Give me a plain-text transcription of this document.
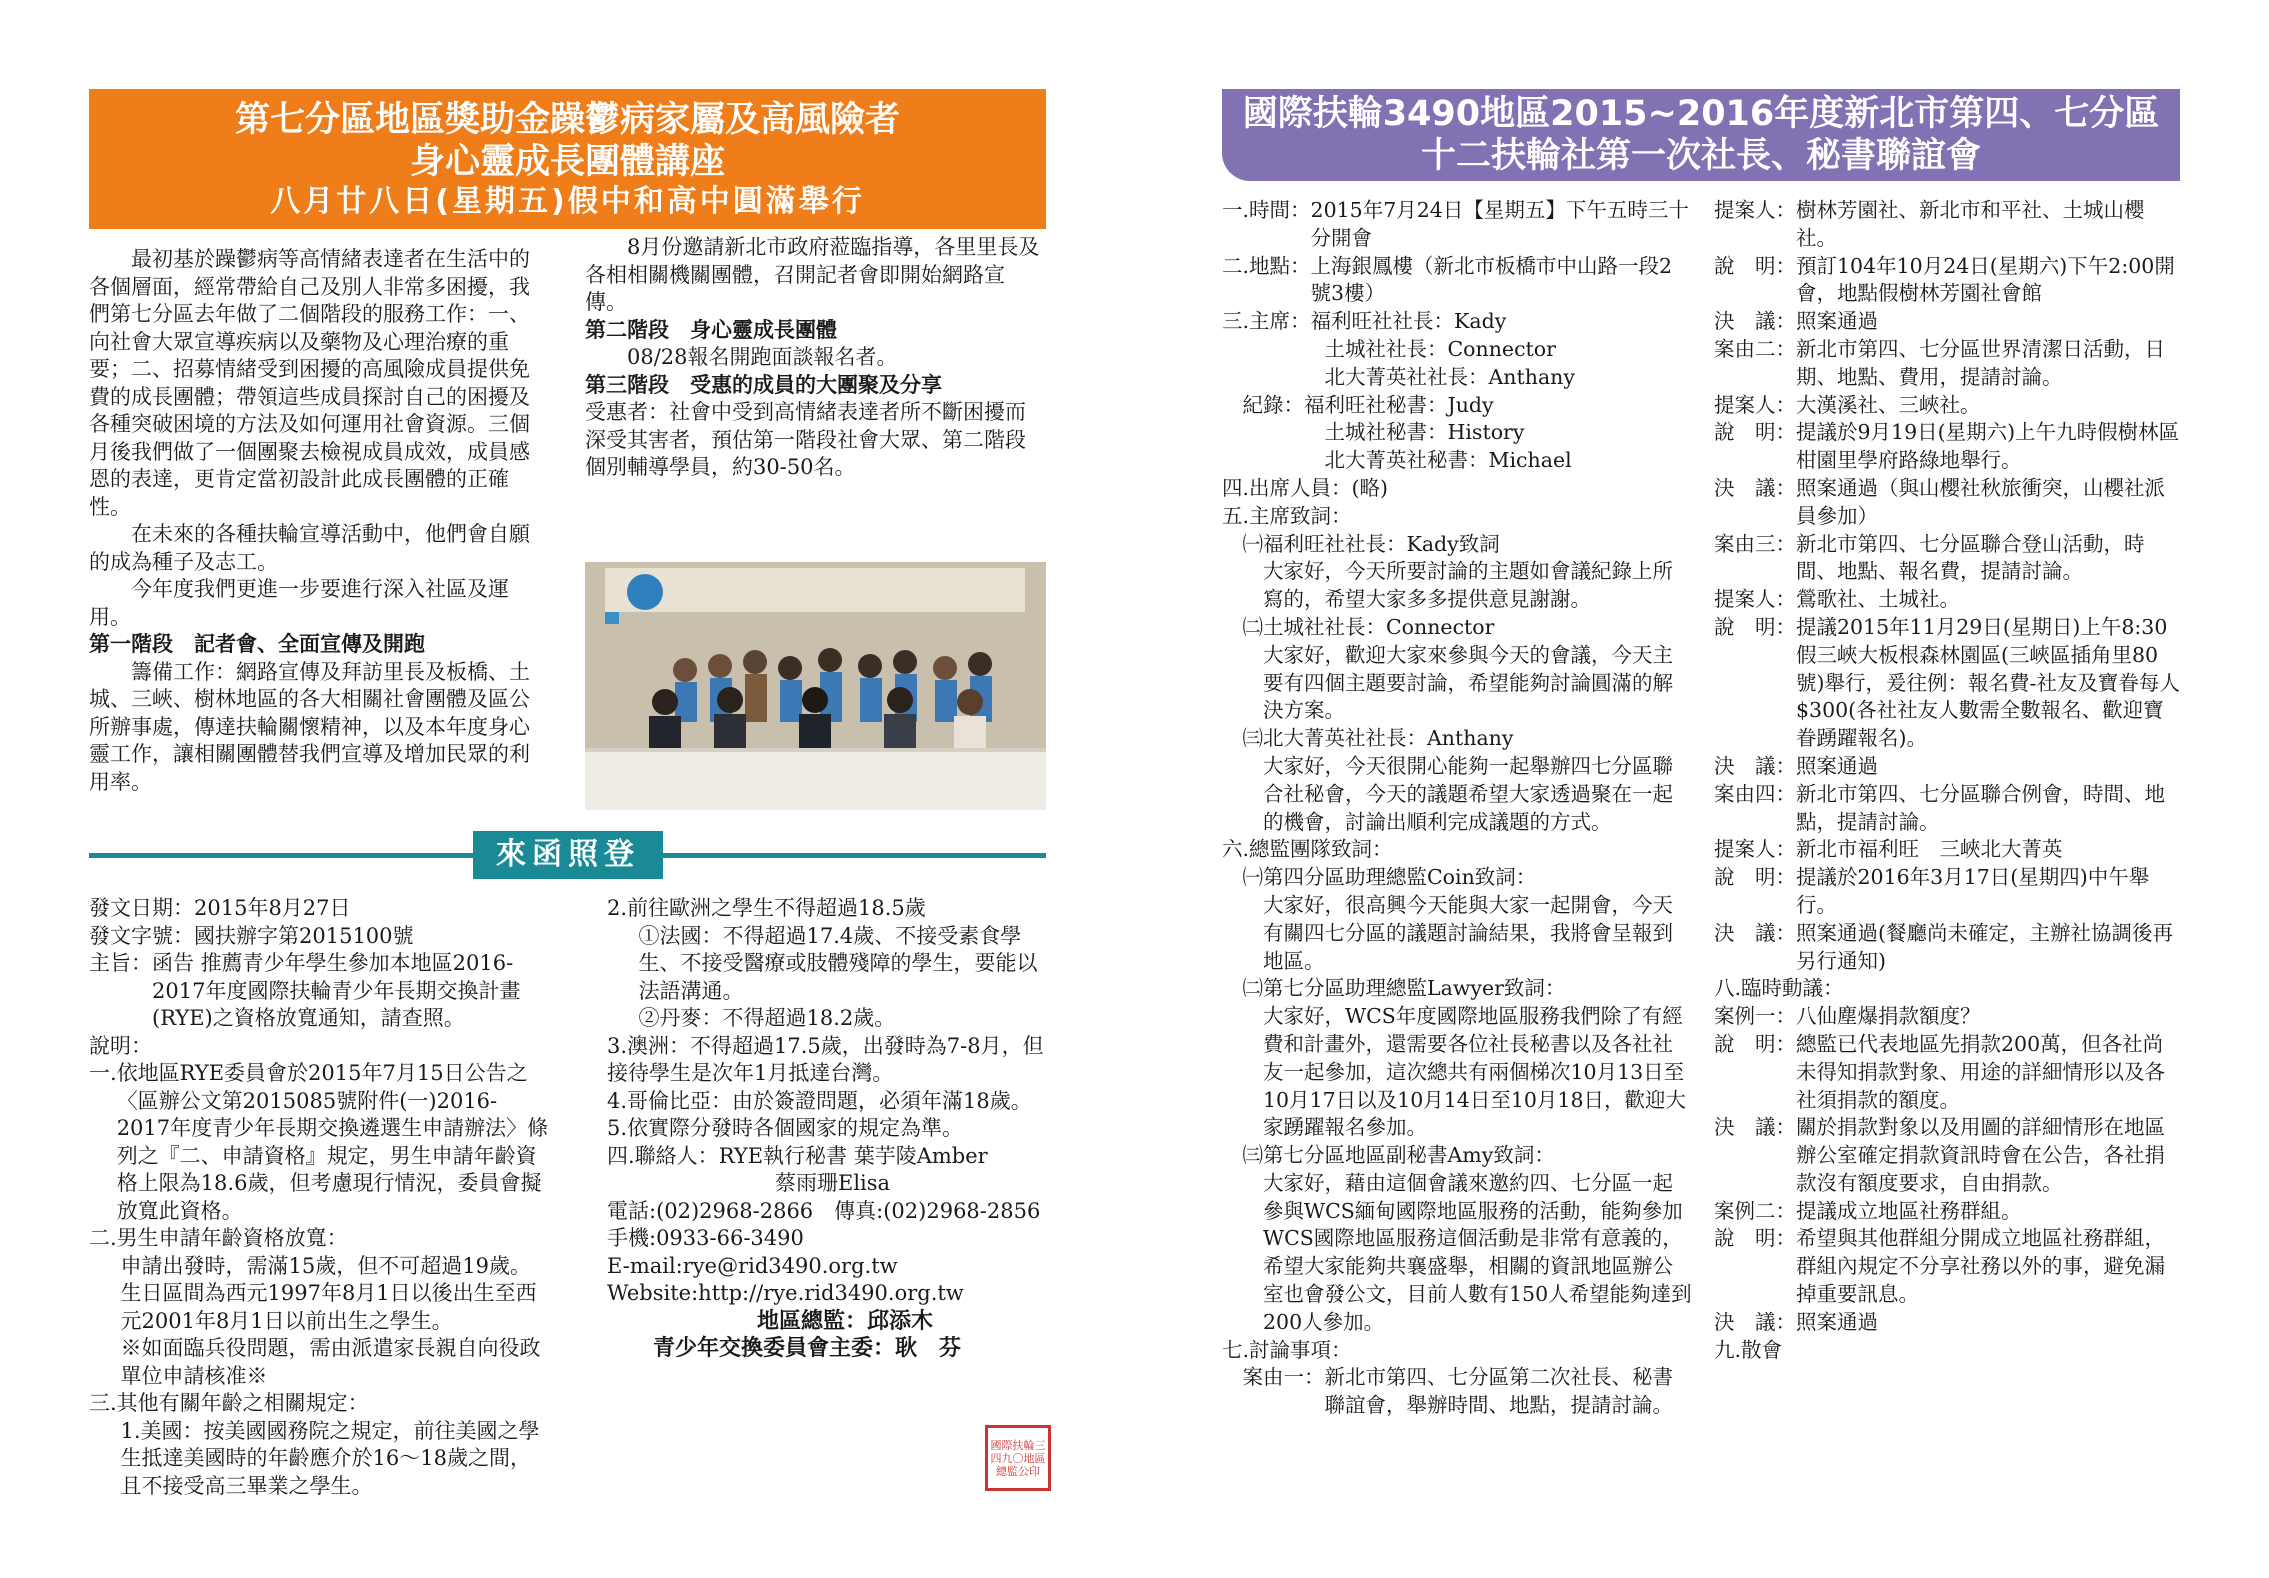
第七分區地區獎助金躁鬱病家屬及高風險者
身心靈成長團體講座
八月廿八日(星期五)假中和高中圓滿舉行
國際扶輪3490地區2015~2016年度新北市第四、七分區
十二扶輪社第一次社長、秘書聯誼會

最初基於躁鬱病等高情緒表達者在生活中的各個層面，經常帶給自己及別人非常多困擾，我們第七分區去年做了二個階段的服務工作：一、向社會大眾宣導疾病以及藥物及心理治療的重要；二、招募情緒受到困擾的高風險成員提供免費的成長團體；帶領這些成員探討自己的困擾及各種突破困境的方法及如何運用社會資源。三個月後我們做了一個團聚去檢視成員成效，成員感恩的表達，更肯定當初設計此成長團體的正確性。

在未來的各種扶輪宣導活動中，他們會自願的成為種子及志工。

今年度我們更進一步要進行深入社區及運用。

第一階段　記者會、全面宣傳及開跑

籌備工作：網路宣傳及拜訪里長及板橋、土城、三峽、樹林地區的各大相關社會團體及區公所辦事處，傳達扶輪關懷精神，以及本年度身心靈工作，讓相關團體替我們宣導及增加民眾的利用率。

8月份邀請新北市政府蒞臨指導，各里里長及各相相關機關團體，召開記者會即開始網路宣傳。

第二階段　身心靈成長團體

08/28報名開跑面談報名者。

第三階段　受惠的成員的大團聚及分享

受惠者：社會中受到高情緒表達者所不斷困擾而深受其害者，預估第一階段社會大眾、第二階段個別輔導學員，約30-50名。

來函照登

發文日期：2015年8月27日

發文字號：國扶辦字第2015100號

主旨： 函告 推薦青少年學生參加本地區2016-2017年度國際扶輪青少年長期交換計畫(RYE)之資格放寬通知，請查照。

說明：

一. 依地區RYE委員會於2015年7月15日公告之〈區辦公文第2015085號附件(一)2016-2017年度青少年長期交換遴選生申請辦法〉條列之『二、申請資格』規定，男生申請年齡資格上限為18.6歲，但考慮現行情況，委員會擬放寬此資格。

二.男生申請年齡資格放寬：

申請出發時，需滿15歲，但不可超過19歲。

生日區間為西元1997年8月1日以後出生至西元2001年8月1日以前出生之學生。

※如面臨兵役問題，需由派遣家長親自向役政單位申請核准※

三.其他有關年齡之相關規定：

1.美國：按美國國務院之規定，前往美國之學生抵達美國時的年齡應介於16〜18歲之間，且不接受高三畢業之學生。

2.前往歐洲之學生不得超過18.5歲

①法國：不得超過17.4歲、不接受素食學生、不接受醫療或肢體殘障的學生，要能以法語溝通。

②丹麥：不得超過18.2歲。

3.澳洲：不得超過17.5歲，出發時為7-8月，但接待學生是次年1月抵達台灣。

4.哥倫比亞：由於簽證問題，必須年滿18歲。

5.依實際分發時各個國家的規定為準。

四.聯絡人： RYE執行秘書 葉芋陵Amber

蔡雨珊Elisa

電話:(02)2968-2866　傳真:(02)2968-2856

手機:0933-66-3490

E-mail:rye@rid3490.org.tw

Website:http://rye.rid3490.org.tw

地區總監：邱添木

青少年交換委員會主委：耿　芬

國際扶輪三四九〇地區總監公印
一.時間： 2015年7月24日【星期五】下午五時三十分開會
二.地點： 上海銀鳳樓（新北市板橋市中山路一段2號3樓）
三.主席： 福利旺社社長：Kady

土城社社長：Connector

北大菁英社社長：Anthany
　紀錄： 福利旺社秘書：Judy

土城社秘書：History

北大菁英社秘書：Michael
四.出席人員： (略)
五.主席致詞：
　㈠ 福利旺社社長：Kady致詞

大家好，今天所要討論的主題如會議紀錄上所寫的，希望大家多多提供意見謝謝。
　㈡ 土城社社長：Connector

大家好，歡迎大家來參與今天的會議，今天主要有四個主題要討論，希望能夠討論圓滿的解決方案。
　㈢ 北大菁英社社長：Anthany

大家好，今天很開心能夠一起舉辦四七分區聯合社秘會，今天的議題希望大家透過聚在一起的機會，討論出順利完成議題的方式。
六.總監團隊致詞：
　㈠ 第四分區助理總監Coin致詞：

大家好，很高興今天能與大家一起開會，今天有關四七分區的議題討論結果，我將會呈報到地區。
　㈡ 第七分區助理總監Lawyer致詞：

大家好，WCS年度國際地區服務我們除了有經費和計畫外，還需要各位社長秘書以及各社社友一起參加，這次總共有兩個梯次10月13日至10月17日以及10月14日至10月18日，歡迎大家踴躍報名參加。
　㈢ 第七分區地區副秘書Amy致詞：

大家好，藉由這個會議來邀約四、七分區一起參與WCS緬甸國際地區服務的活動，能夠參加WCS國際地區服務這個活動是非常有意義的，希望大家能夠共襄盛舉，相關的資訊地區辦公室也會發公文，目前人數有150人希望能夠達到200人參加。
七.討論事項：
　案由一： 新北市第四、七分區第二次社長、秘書聯誼會，舉辦時間、地點，提請討論。
提案人： 樹林芳園社、新北市和平社、土城山櫻社。
說　明： 預訂104年10月24日(星期六)下午2:00開會，地點假樹林芳園社會館
決　議： 照案通過
案由二： 新北市第四、七分區世界清潔日活動，日期、地點、費用，提請討論。
提案人： 大漢溪社、三峽社。
說　明： 提議於9月19日(星期六)上午九時假樹林區柑園里學府路綠地舉行。
決　議： 照案通過（與山櫻社秋旅衝突，山櫻社派員參加）
案由三： 新北市第四、七分區聯合登山活動，時間、地點、報名費，提請討論。
提案人： 鶯歌社、土城社。
說　明： 提議2015年11月29日(星期日)上午8:30假三峽大板根森林園區(三峽區插角里80號)舉行，爰往例：報名費-社友及寶眷每人$300(各社社友人數需全數報名、歡迎寶眷踴躍報名)。
決　議： 照案通過
案由四： 新北市第四、七分區聯合例會，時間、地點，提請討論。
提案人： 新北市福利旺　三峽北大菁英
說　明： 提議於2016年3月17日(星期四)中午舉行。
決　議： 照案通過(餐廳尚未確定，主辦社協調後再另行通知)
八.臨時動議：
案例一： 八仙塵爆捐款額度？
說　明： 總監已代表地區先捐款200萬，但各社尚未得知捐款對象、用途的詳細情形以及各社須捐款的額度。
決　議： 關於捐款對象以及用圖的詳細情形在地區辦公室確定捐款資訊時會在公告，各社捐款沒有額度要求，自由捐款。
案例二： 提議成立地區社務群組。
說　明： 希望與其他群組分開成立地區社務群組，群組內規定不分享社務以外的事，避免漏掉重要訊息。
決　議： 照案通過
九.散會
